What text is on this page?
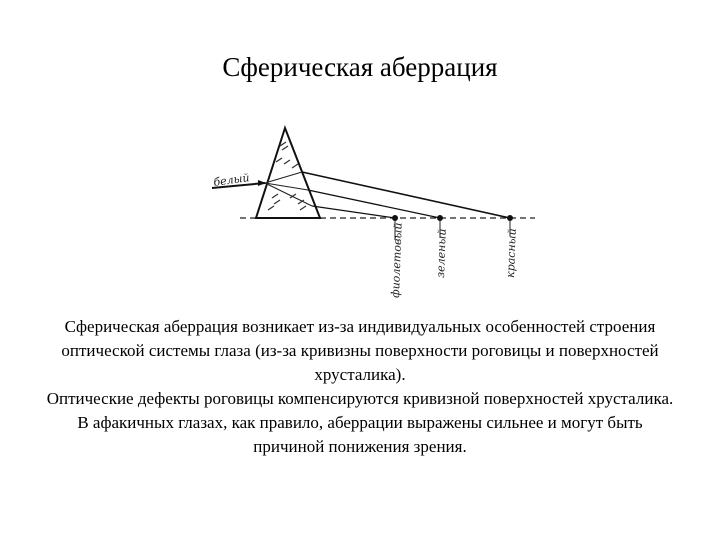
Сферическая аберрация
белый
фиолетовый	зеленый	красный

Сферическая аберрация возникает из-за индивидуальных особенностей строения оптической системы глаза (из-за кривизны поверхности роговицы и поверхностей хрусталика).

Оптические дефекты роговицы компенсируются кривизной поверхностей хрусталика.

В афакичных глазах, как правило, аберрации выражены сильнее и могут быть причиной понижения зрения.
